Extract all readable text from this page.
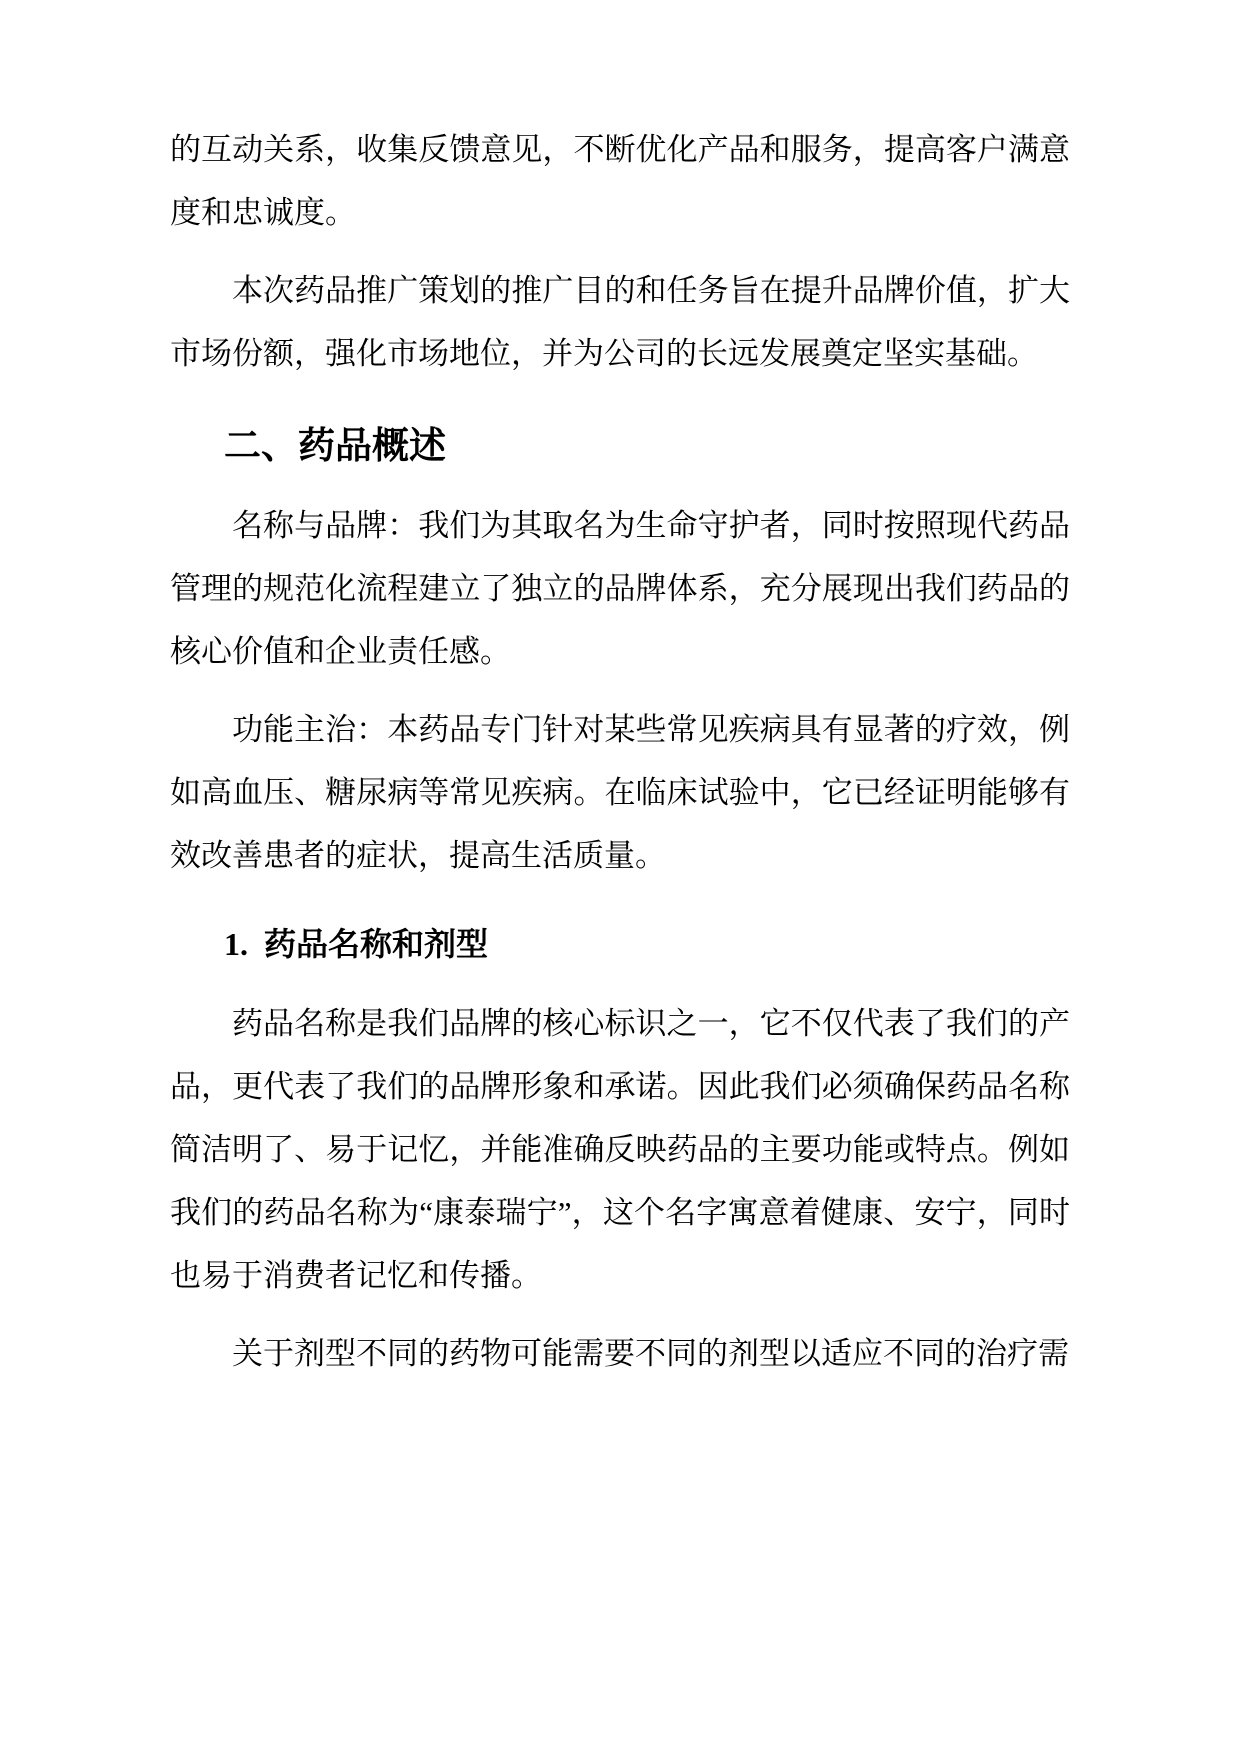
的互动关系，收集反馈意见，不断优化产品和服务，提高客户满意度和忠诚度。

本次药品推广策划的推广目的和任务旨在提升品牌价值，扩大市场份额，强化市场地位，并为公司的长远发展奠定坚实基础。

二、药品概述

名称与品牌：我们为其取名为生命守护者，同时按照现代药品管理的规范化流程建立了独立的品牌体系，充分展现出我们药品的核心价值和企业责任感。

功能主治：本药品专门针对某些常见疾病具有显著的疗效，例如高血压、糖尿病等常见疾病。在临床试验中，它已经证明能够有效改善患者的症状，提高生活质量。

1. 药品名称和剂型

药品名称是我们品牌的核心标识之一，它不仅代表了我们的产品，更代表了我们的品牌形象和承诺。因此我们必须确保药品名称简洁明了、易于记忆，并能准确反映药品的主要功能或特点。例如我们的药品名称为“康泰瑞宁”，这个名字寓意着健康、安宁，同时也易于消费者记忆和传播。

关于剂型不同的药物可能需要不同的剂型以适应不同的治疗需
